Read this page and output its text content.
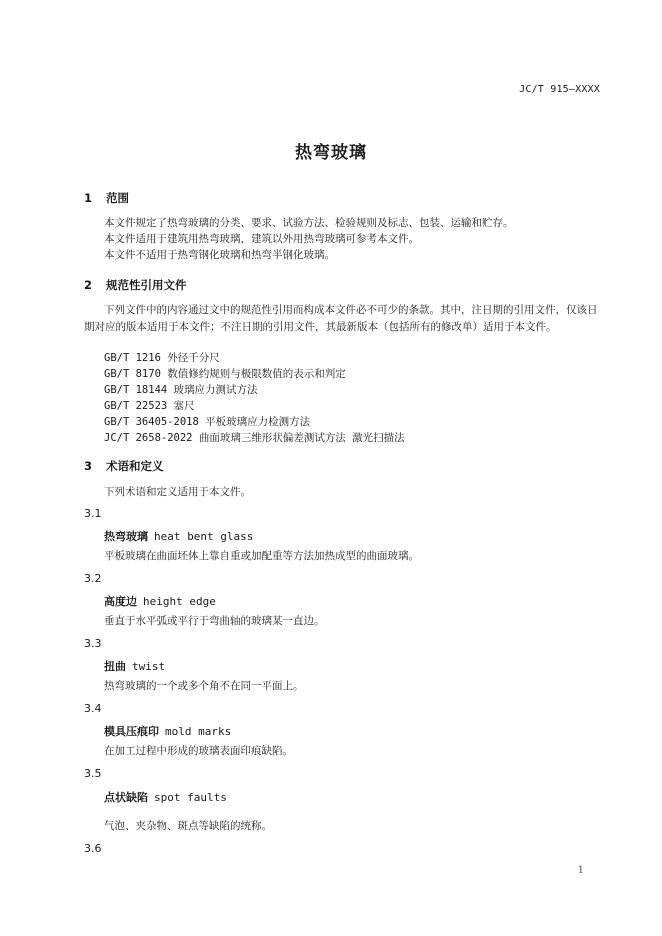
JC/T 915—XXXX
热弯玻璃
1 范围
本文件规定了热弯玻璃的分类、要求、试验方法、检验规则及标志、包装、运输和贮存。
本文件适用于建筑用热弯玻璃，建筑以外用热弯玻璃可参考本文件。
本文件不适用于热弯钢化玻璃和热弯半钢化玻璃。
2 规范性引用文件
下列文件中的内容通过文中的规范性引用而构成本文件必不可少的条款。其中，注日期的引用文件，仅该日期对应的版本适用于本文件；不注日期的引用文件，其最新版本（包括所有的修改单）适用于本文件。
GB/T 1216 外径千分尺
GB/T 8170 数值修约规则与极限数值的表示和判定
GB/T 18144 玻璃应力测试方法
GB/T 22523 塞尺
GB/T 36405-2018 平板玻璃应力检测方法
JC/T 2658-2022 曲面玻璃三维形状偏差测试方法 激光扫描法
3 术语和定义
下列术语和定义适用于本文件。
3.1
热弯玻璃 heat bent glass
平板玻璃在曲面坯体上靠自重或加配重等方法加热成型的曲面玻璃。
3.2
高度边 height edge
垂直于水平弧或平行于弯曲轴的玻璃某一直边。
3.3
扭曲 twist
热弯玻璃的一个或多个角不在同一平面上。
3.4
模具压痕印 mold marks
在加工过程中形成的玻璃表面印痕缺陷。
3.5
点状缺陷 spot faults
气泡、夹杂物、斑点等缺陷的统称。
3.6
1
